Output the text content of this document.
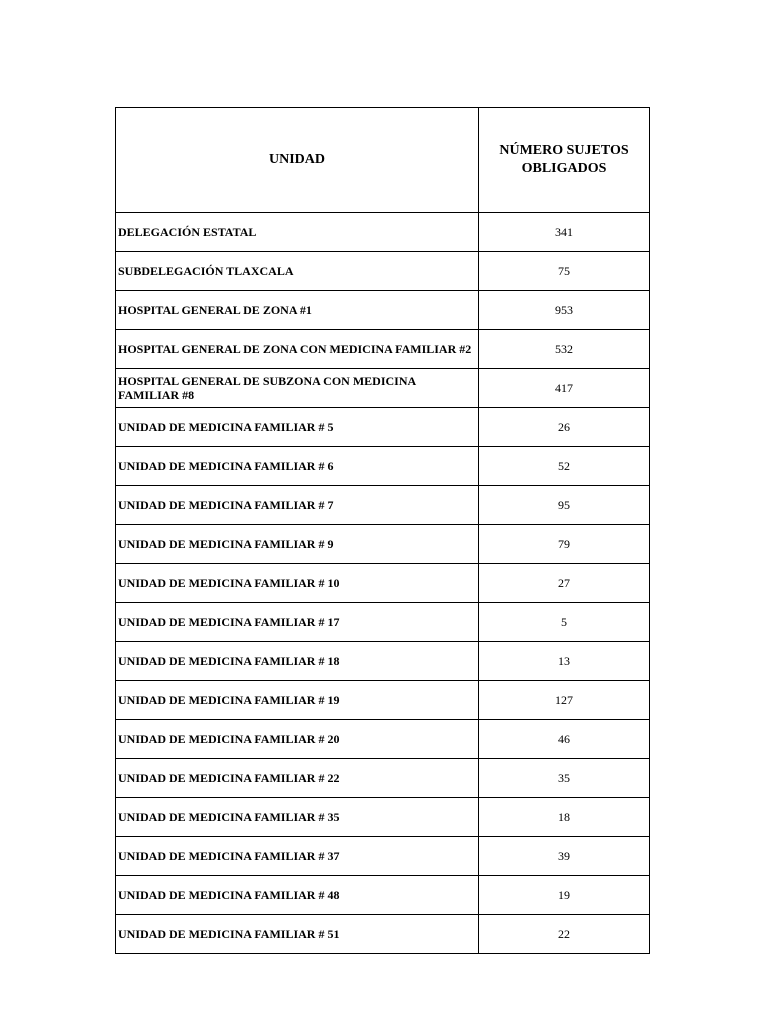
UNIDAD	NÚMERO SUJETOS OBLIGADOS
DELEGACIÓN ESTATAL	341
SUBDELEGACIÓN TLAXCALA	75
HOSPITAL GENERAL DE ZONA #1	953
HOSPITAL GENERAL DE ZONA CON MEDICINA FAMILIAR #2	532
HOSPITAL GENERAL DE SUBZONA CON MEDICINA FAMILIAR #8	417
UNIDAD DE MEDICINA FAMILIAR # 5	26
UNIDAD DE MEDICINA FAMILIAR # 6	52
UNIDAD DE MEDICINA FAMILIAR # 7	95
UNIDAD DE MEDICINA FAMILIAR # 9	79
UNIDAD DE MEDICINA FAMILIAR # 10	27
UNIDAD DE MEDICINA FAMILIAR # 17	5
UNIDAD DE MEDICINA FAMILIAR # 18	13
UNIDAD DE MEDICINA FAMILIAR # 19	127
UNIDAD DE MEDICINA FAMILIAR # 20	46
UNIDAD DE MEDICINA FAMILIAR # 22	35
UNIDAD DE MEDICINA FAMILIAR # 35	18
UNIDAD DE MEDICINA FAMILIAR # 37	39
UNIDAD DE MEDICINA FAMILIAR # 48	19
UNIDAD DE MEDICINA FAMILIAR # 51	22
